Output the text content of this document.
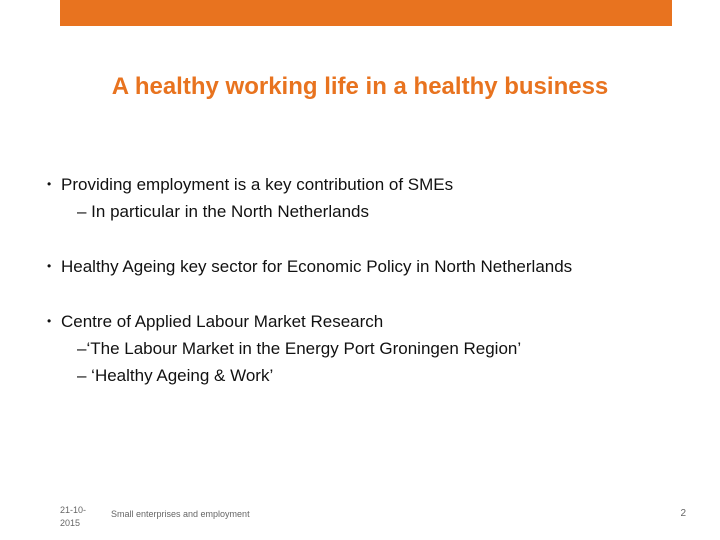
A healthy working life in a healthy business
• Providing employment is a key contribution of SMEs
– In particular in the North Netherlands
• Healthy Ageing key sector for Economic Policy in North Netherlands
• Centre of Applied Labour Market Research
–‘The Labour Market in the Energy Port Groningen Region’
– ‘Healthy Ageing & Work’
21-10-
2015
Small enterprises and employment	2
